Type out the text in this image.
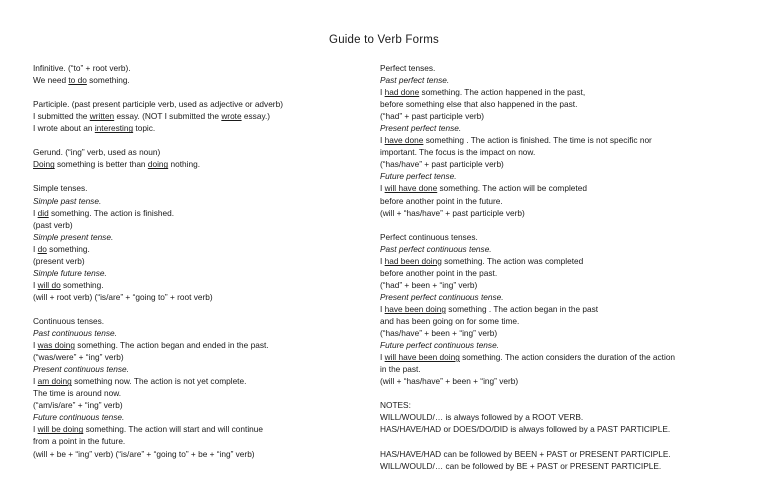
Guide to Verb Forms
Infinitive. (“to” + root verb).
We need to do something.
Participle. (past present participle verb, used as adjective or adverb)
I submitted the written essay. (NOT I submitted the wrote essay.)
I wrote about an interesting topic.
Gerund. (“ing” verb, used as noun)
Doing something is better than doing nothing.
Simple tenses.
Simple past tense.
I did something. The action is finished.
(past verb)
Simple present tense.
I do something.
(present verb)
Simple future tense.
I will do something.
(will + root verb) (“is/are” + “going to” + root verb)
Continuous tenses.
Past continuous tense.
I was doing something. The action began and ended in the past.
(“was/were” + “ing” verb)
Present continuous tense.
I am doing something now. The action is not yet complete.
The time is around now.
(“am/is/are” + “ing” verb)
Future continuous tense.
I will be doing something. The action will start and will continue
from a point in the future.
(will + be + “ing” verb) (“is/are” + “going to” + be + “ing” verb)
Perfect tenses.
Past perfect tense.
I had done something. The action happened in the past,
before something else that also happened in the past.
(“had” + past participle verb)
Present perfect tense.
I have done something . The action is finished. The time is not specific nor
important. The focus is the impact on now.
(“has/have” + past participle verb)
Future perfect tense.
I will have done something. The action will be completed
before another point in the future.
(will + “has/have” + past participle verb)
Perfect continuous tenses.
Past perfect continuous tense.
I had been doing something. The action was completed
before another point in the past.
(“had” + been + “ing” verb)
Present perfect continuous tense.
I have been doing something . The action began in the past
and has been going on for some time.
(“has/have” + been + “ing” verb)
Future perfect continuous tense.
I will have been doing something. The action considers the duration of the action
in the past.
(will + “has/have” + been + “ing” verb)
NOTES:
WILL/WOULD/… is always followed by a ROOT VERB.
HAS/HAVE/HAD or DOES/DO/DID is always followed by a PAST PARTICIPLE.
HAS/HAVE/HAD can be followed by BEEN + PAST or PRESENT PARTICIPLE.
WILL/WOULD/… can be followed by BE + PAST or PRESENT PARTICIPLE.
